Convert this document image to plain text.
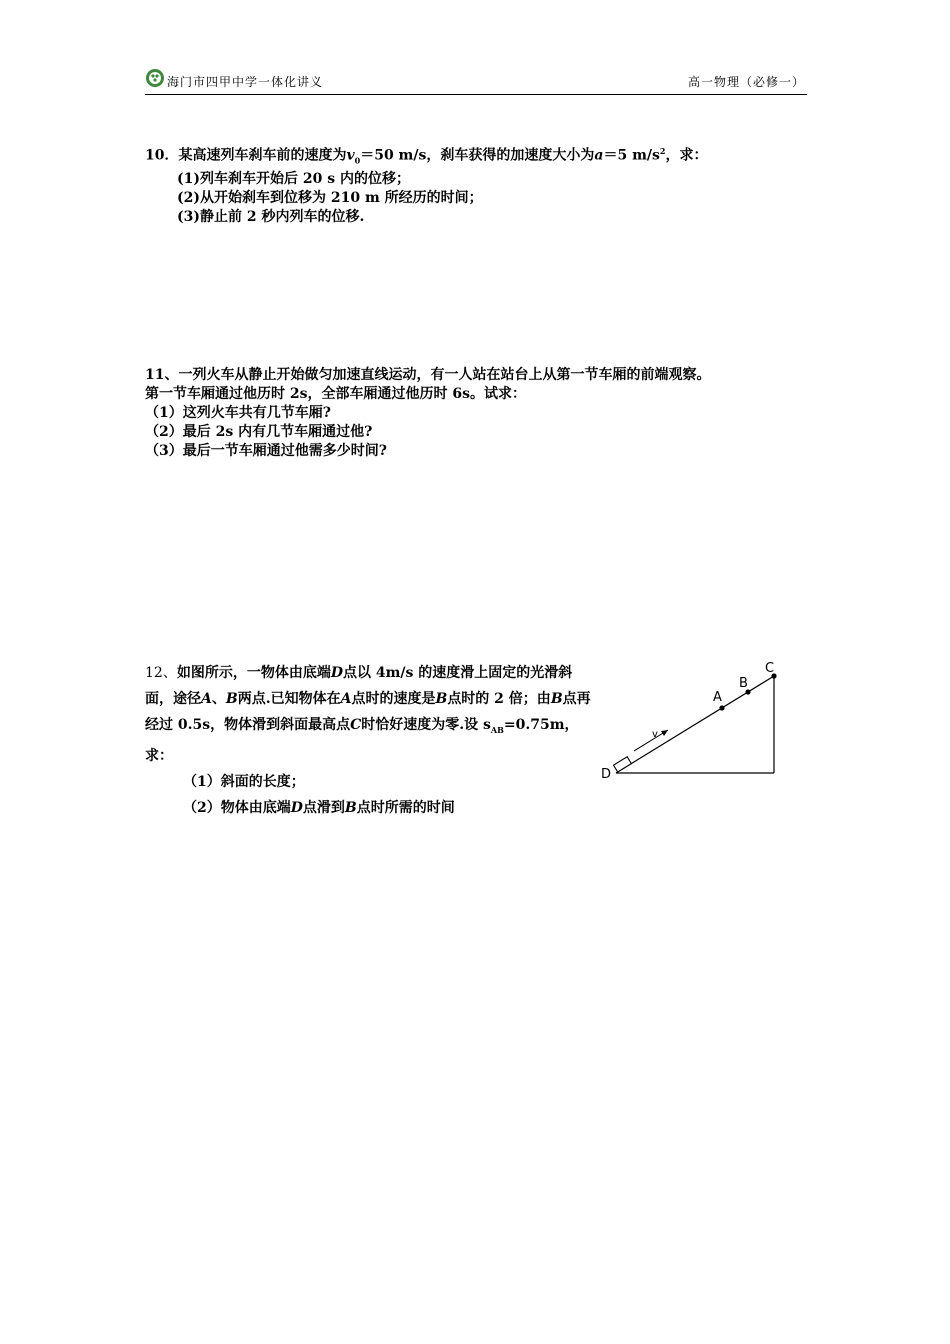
海门市四甲中学一体化讲义	高一物理（必修一）
10．某高速列车刹车前的速度为$v_0=50$ m/s，刹车获得的加速度大小为a＝5 $m/s^2$，求：
(1)列车刹车开始后 20 s 内的位移；
(2)从开始刹车到位移为 210 m 所经历的时间；
(3)静止前 2 秒内列车的位移.
11、一列火车从静止开始做匀加速直线运动，有一人站在站台上从第一节车厢的前端观察。
第一节车厢通过他历时 2s，全部车厢通过他历时 6s。试求：
（1）这列火车共有几节车厢?
（2）最后 2s 内有几节车厢通过他?
（3）最后一节车厢通过他需多少时间?
12、如图所示，一物体由底端D点以 4m/s 的速度滑上固定的光滑斜面，途径A、B两点.已知物体在A点时的速度是B点时的 2 倍；由B点再经过 0.5s，物体滑到斜面最高点C时恰好速度为零.设 $s_{AB}=0.75m$，求：
（1）斜面的长度；
（2）物体由底端D点滑到B点时所需的时间
v
A
B
C
D
